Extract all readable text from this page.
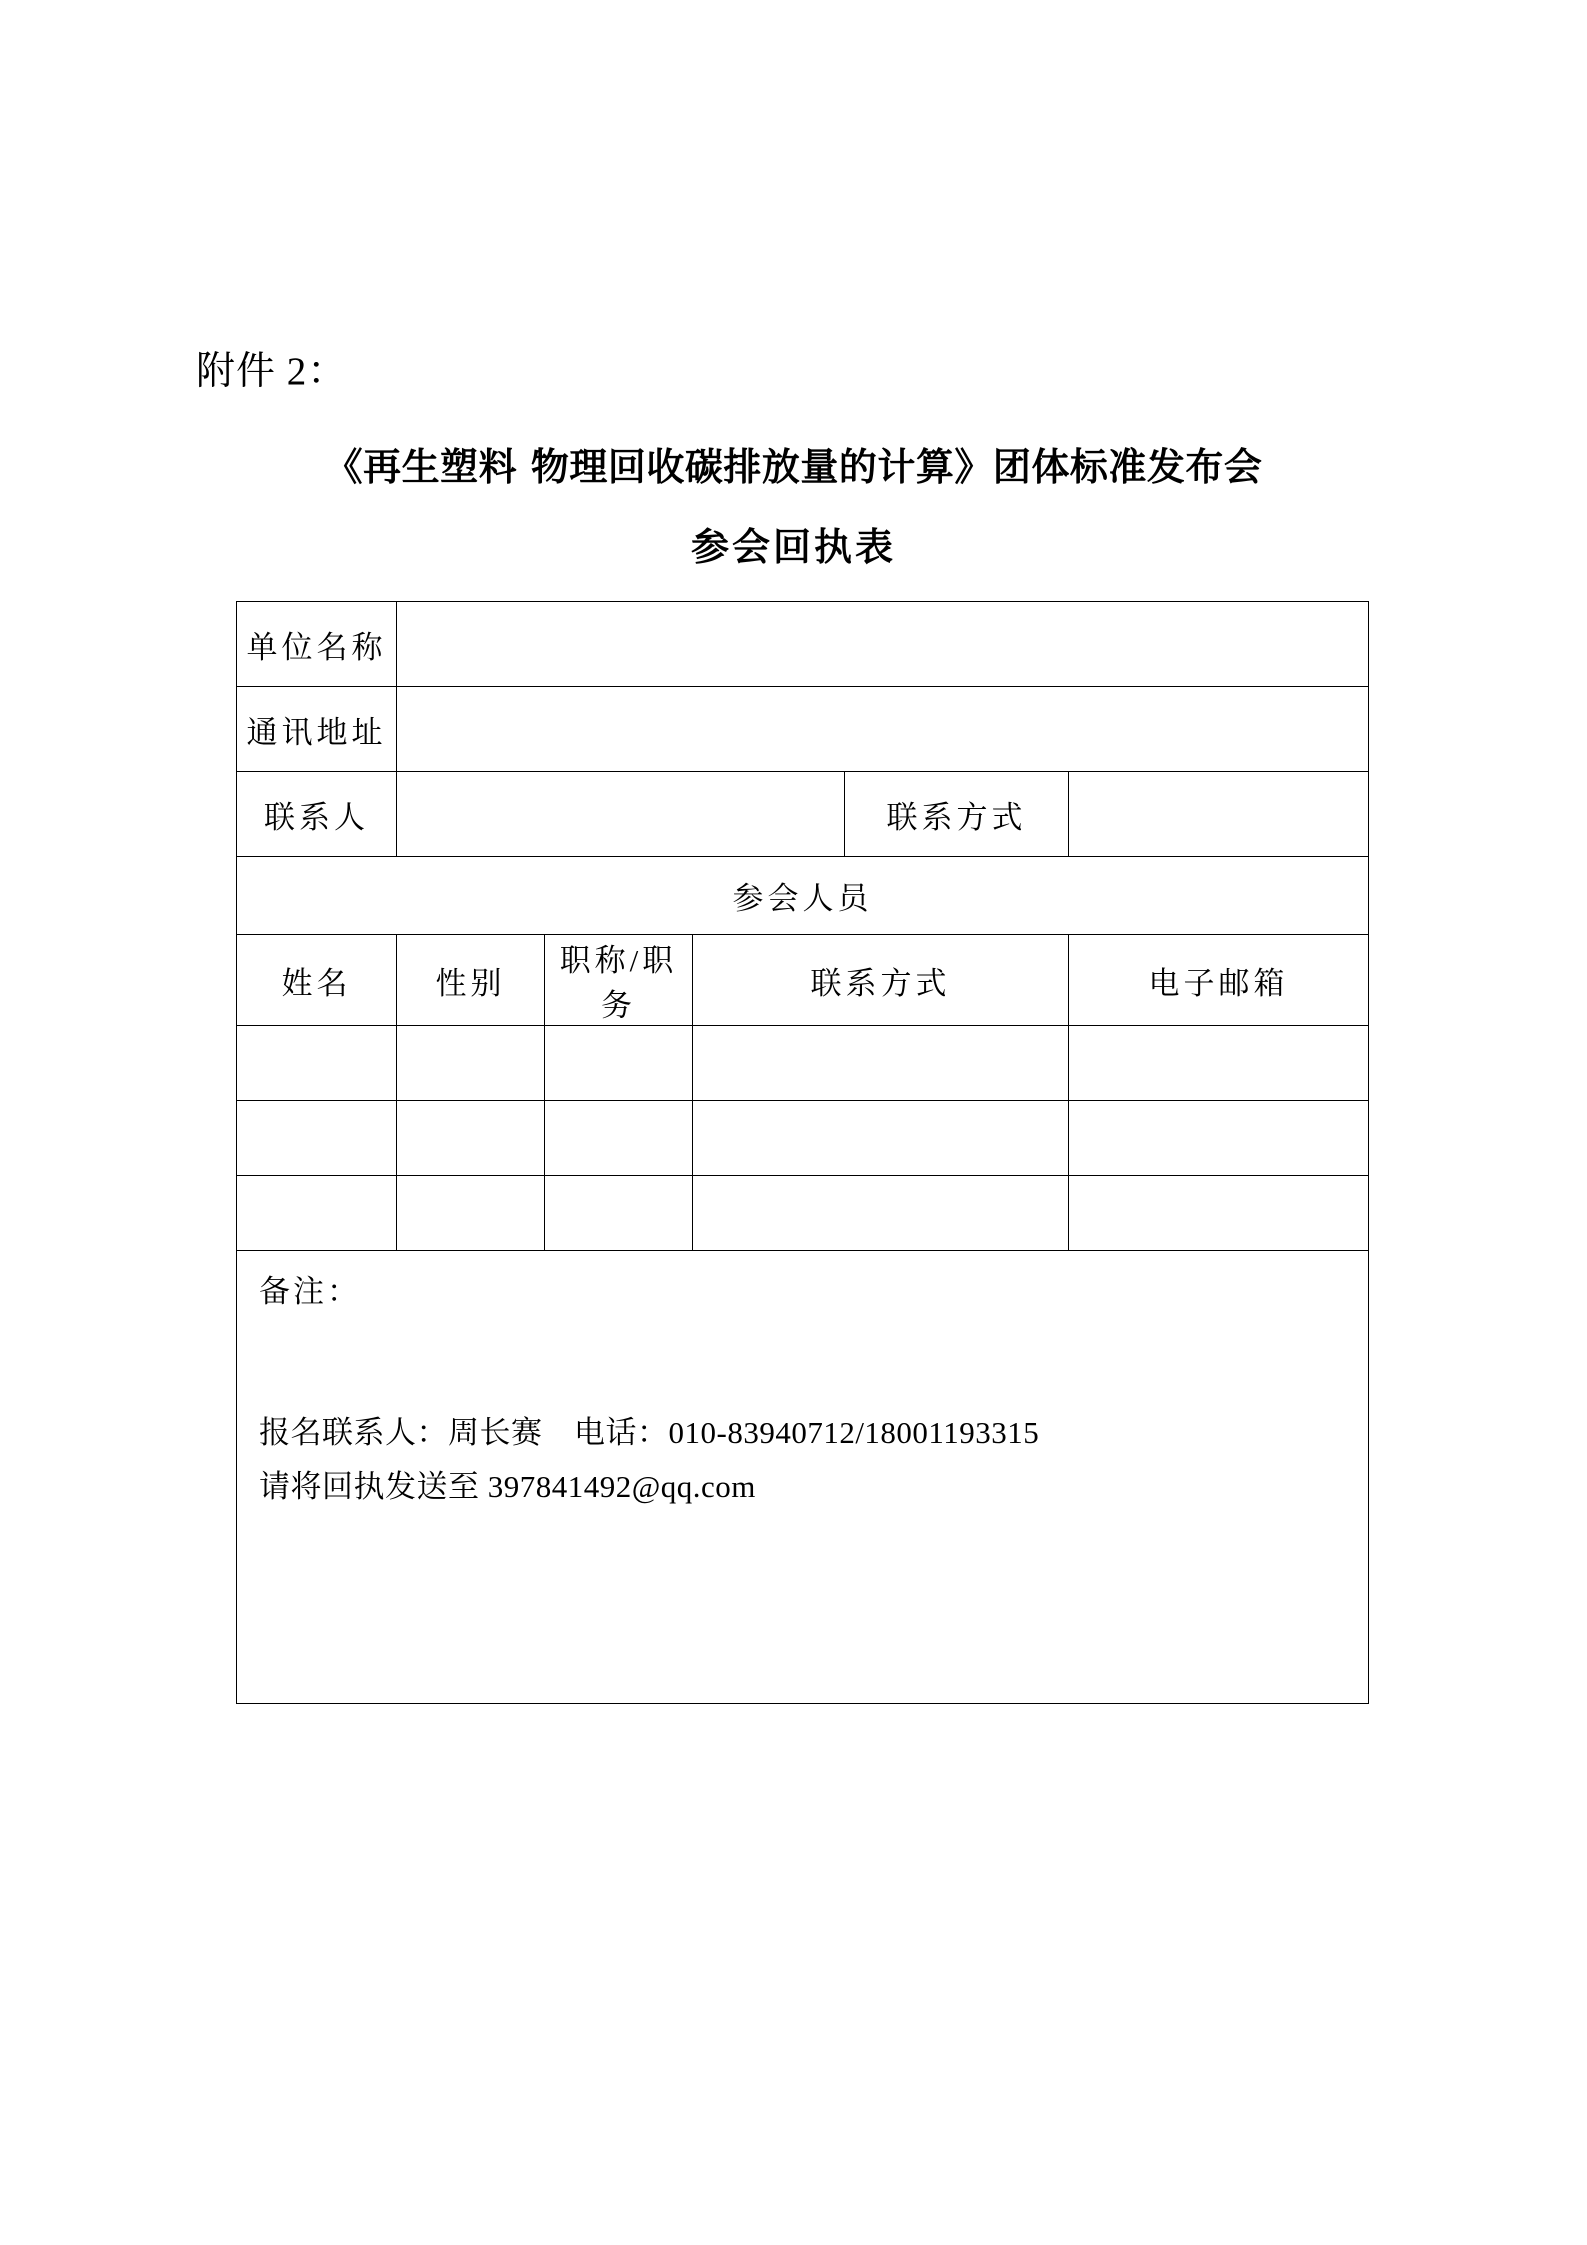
附件 2：
《再生塑料 物理回收碳排放量的计算》团体标准发布会
参会回执表
单位名称					
通讯地址					
联系人				联系方式	
参会人员					
姓名	性别	职称/职务	联系方式		电子邮箱

备注：
报名联系人：周长赛　电话：010-83940712/18001193315
请将回执发送至 397841492@qq.com					
